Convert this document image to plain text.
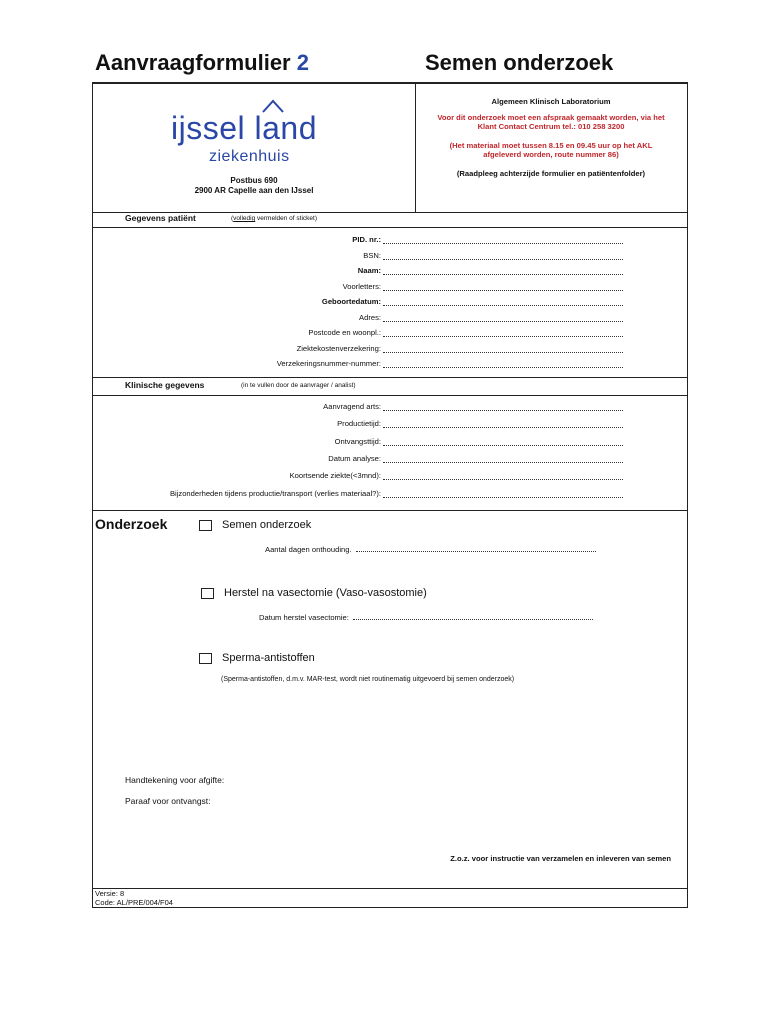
Aanvraagformulier 2	Semen onderzoek
ijssel land
ziekenhuis
Postbus 690
2900 AR Capelle aan den IJssel
Algemeen Klinisch Laboratorium
Voor dit onderzoek moet een afspraak gemaakt worden, via het
Klant Contact Centrum tel.: 010 258 3200
(Het materiaal moet tussen 8.15 en 09.45 uur op het AKL
afgeleverd worden, route nummer 86)
(Raadpleeg achterzijde formulier en patiëntenfolder)
Gegevens patiënt	(volledig vermelden of sticket)
PID. nr.:
BSN:
Naam:
Voorletters:
Geboortedatum:
Adres:
Postcode en woonpl.:
Ziektekostenverzekering:
Verzekeringsnummer-nummer:
Klinische gegevens	(in te vullen door de aanvrager / analist)
Aanvragend arts:
Productietijd:
Ontvangsttijd:
Datum analyse:
Koortsende ziekte(<3mnd):
Bijzonderheden tijdens productie/transport (verlies materiaal?):
Onderzoek	Semen onderzoek
Aantal dagen onthouding.
Herstel na vasectomie (Vaso-vasostomie)
Datum herstel vasectomie:
Sperma-antistoffen
(Sperma-antistoffen, d.m.v. MAR-test, wordt niet routinematig uitgevoerd bij semen onderzoek)
Handtekening voor afgifte:
Paraaf voor ontvangst:
Z.o.z. voor instructie van verzamelen en inleveren van semen
Versie: 8
Code: AL/PRE/004/F04
